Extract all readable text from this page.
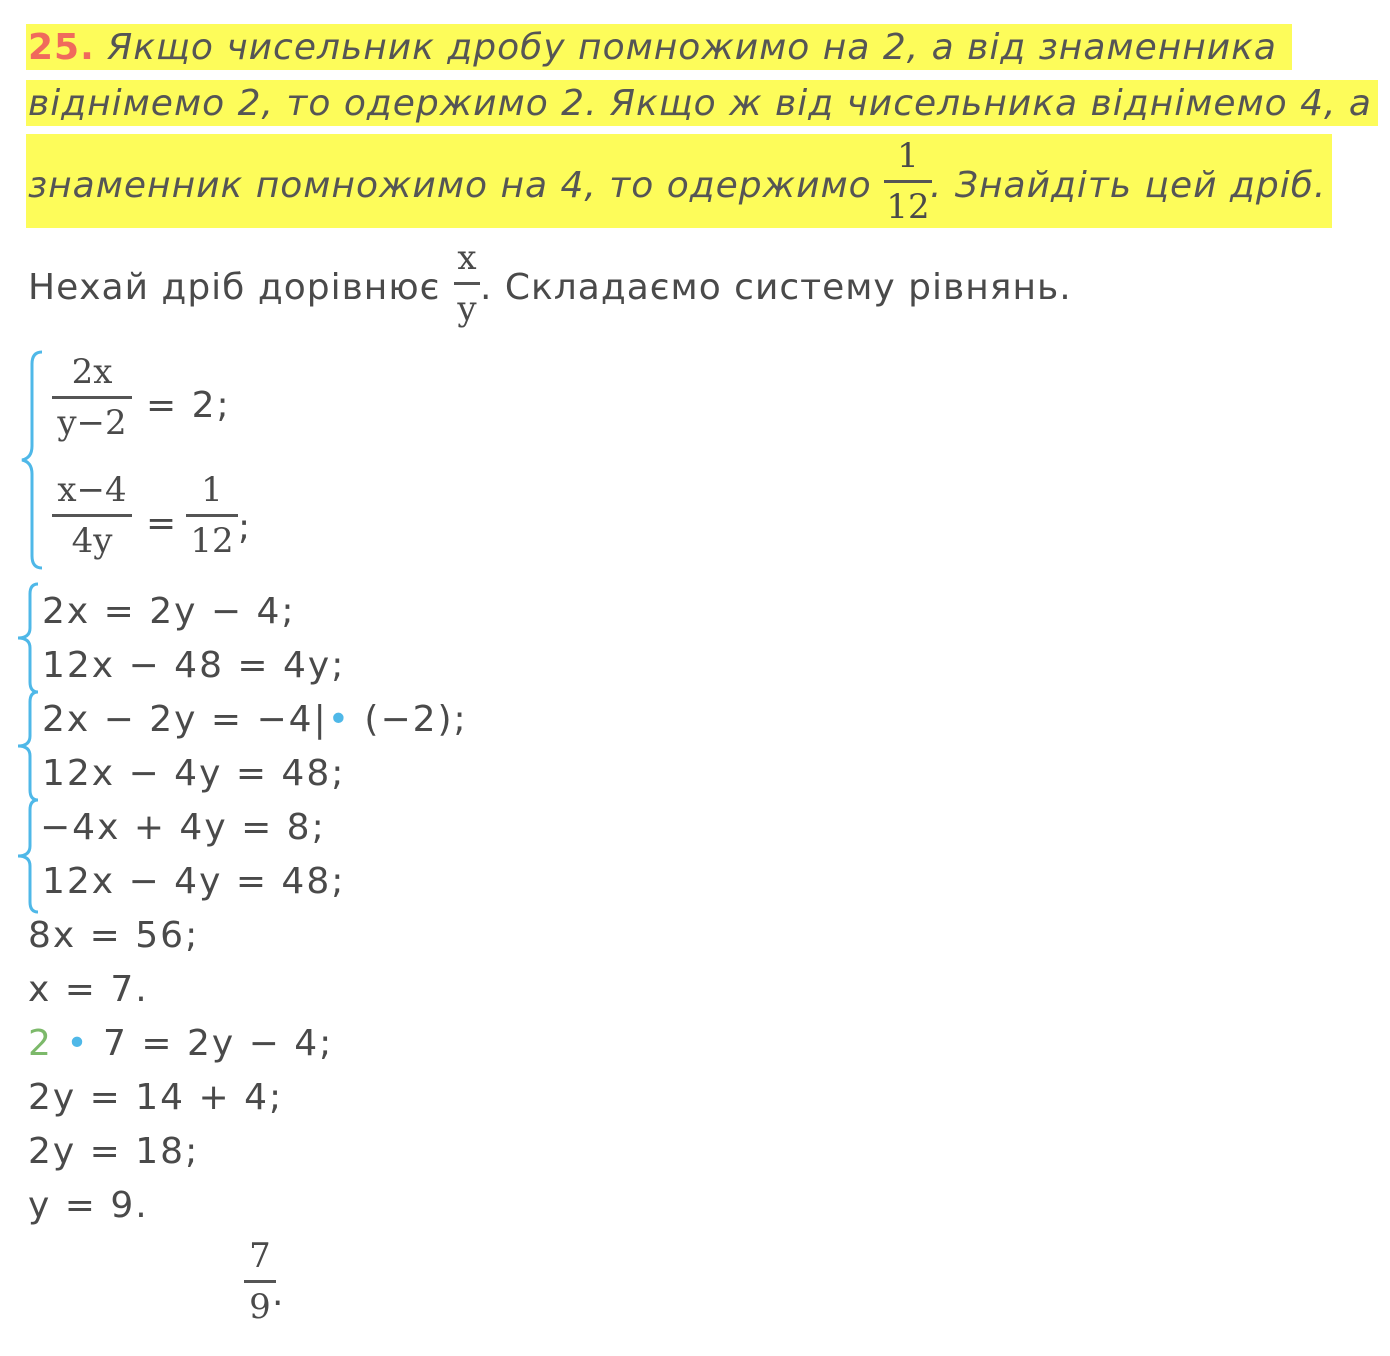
25. Якщо чисельник дробу помножимо на 2, а від знаменника
віднімемо 2, то одержимо 2. Якщо ж від чисельника віднімемо 4, а
знаменник помножимо на 4, то одержимо
1
12
. Знайдіть цей дріб.
Нехай дріб дорівнює
x
y
. Складаємо систему рівнянь.
2x
y−2 = 2;
x−4
4y =
1
12 ;
2x = 2y − 4;
12x − 48 = 4y;
2x − 2y = −4|• (−2);
12x − 4y = 48;
−4x + 4y = 8;
12x − 4y = 48;
8x = 56;
x = 7.
2 • 7 = 2y − 4;
2y = 14 + 4;
2y = 18;
y = 9.
7
9 .
